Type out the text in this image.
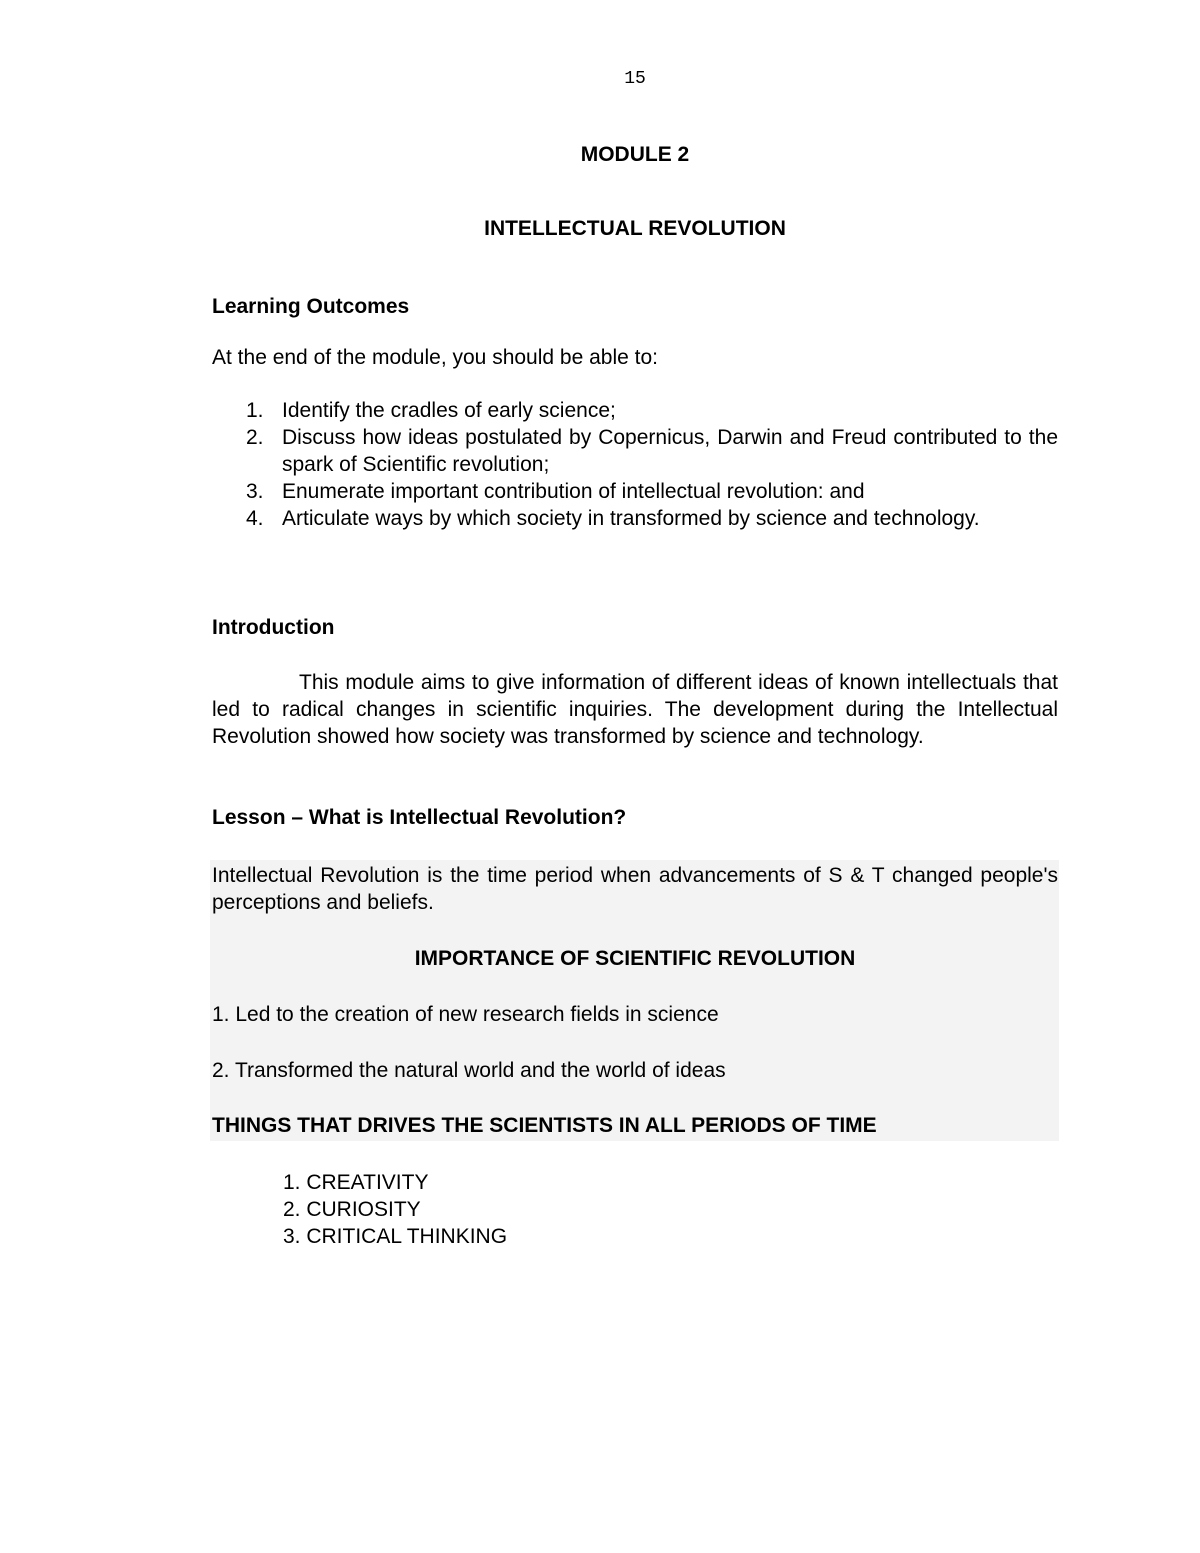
15
MODULE 2
INTELLECTUAL REVOLUTION
Learning Outcomes
At the end of the module, you should be able to:
1. Identify the cradles of early science;
2. Discuss how ideas postulated by Copernicus, Darwin and Freud contributed to the spark of Scientific revolution;
3. Enumerate important contribution of intellectual revolution: and
4. Articulate ways by which society in transformed by science and technology.
Introduction

This module aims to give information of different ideas of known intellectuals that led to radical changes in scientific inquiries. The development during the Intellectual Revolution showed how society was transformed by science and technology.

Lesson – What is Intellectual Revolution?

Intellectual Revolution is the time period when advancements of S & T changed people's perceptions and beliefs.

IMPORTANCE OF SCIENTIFIC REVOLUTION
1. Led to the creation of new research fields in science
2. Transformed the natural world and the world of ideas
THINGS THAT DRIVES THE SCIENTISTS IN ALL PERIODS OF TIME
1. CREATIVITY
2. CURIOSITY
3. CRITICAL THINKING
